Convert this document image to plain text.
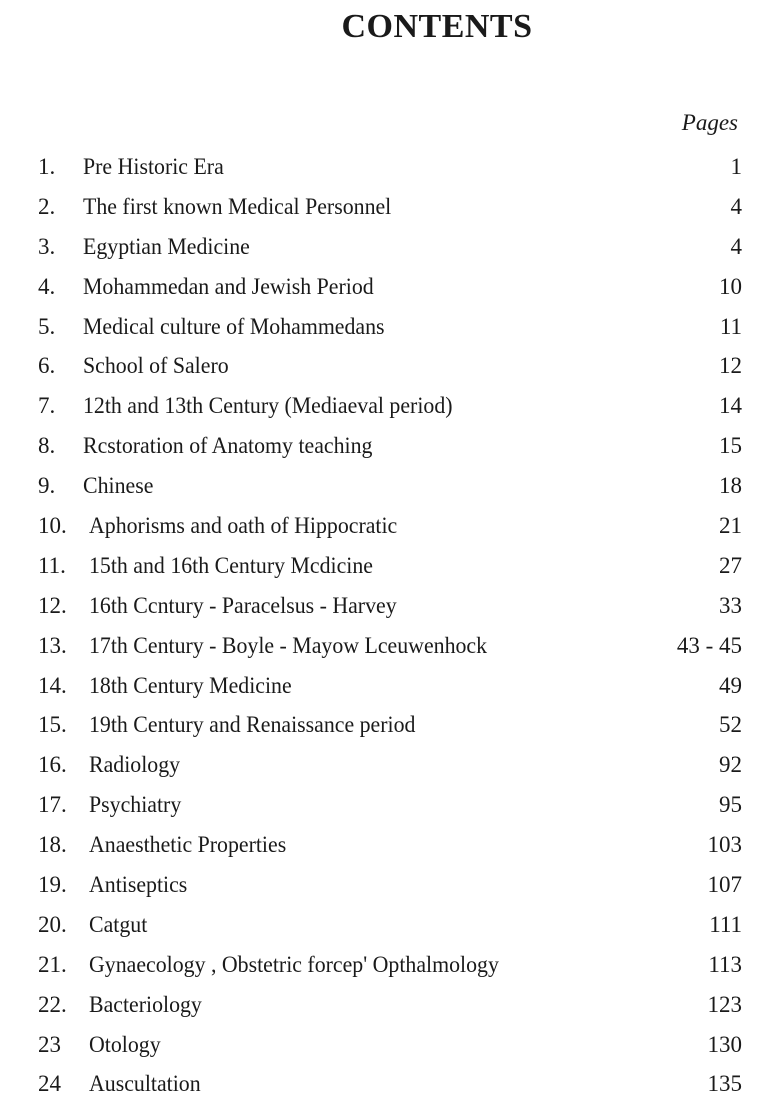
CONTENTS
Pages
1. Pre Historic Era	1
2. The first known Medical Personnel	4
3. Egyptian Medicine	4
4. Mohammedan and Jewish Period	10
5. Medical culture of Mohammedans	11
6. School of Salero	12
7. 12th and 13th Century (Mediaeval period)	14
8. Rcstoration of Anatomy teaching	15
9. Chinese	18
10. Aphorisms and oath of Hippocratic	21
11. 15th and 16th Century Mcdicine	27
12. 16th Ccntury - Paracelsus - Harvey	33
13. 17th Century - Boyle - Mayow Lceuwenhock	43 - 45
14. 18th Century Medicine	49
15. 19th Century and Renaissance period	52
16. Radiology	92
17. Psychiatry	95
18. Anaesthetic Properties	103
19. Antiseptics	107
20. Catgut	111
21. Gynaecology , Obstetric forcep' Opthalmology	113
22. Bacteriology	123
23 Otology	130
24 Auscultation	135
